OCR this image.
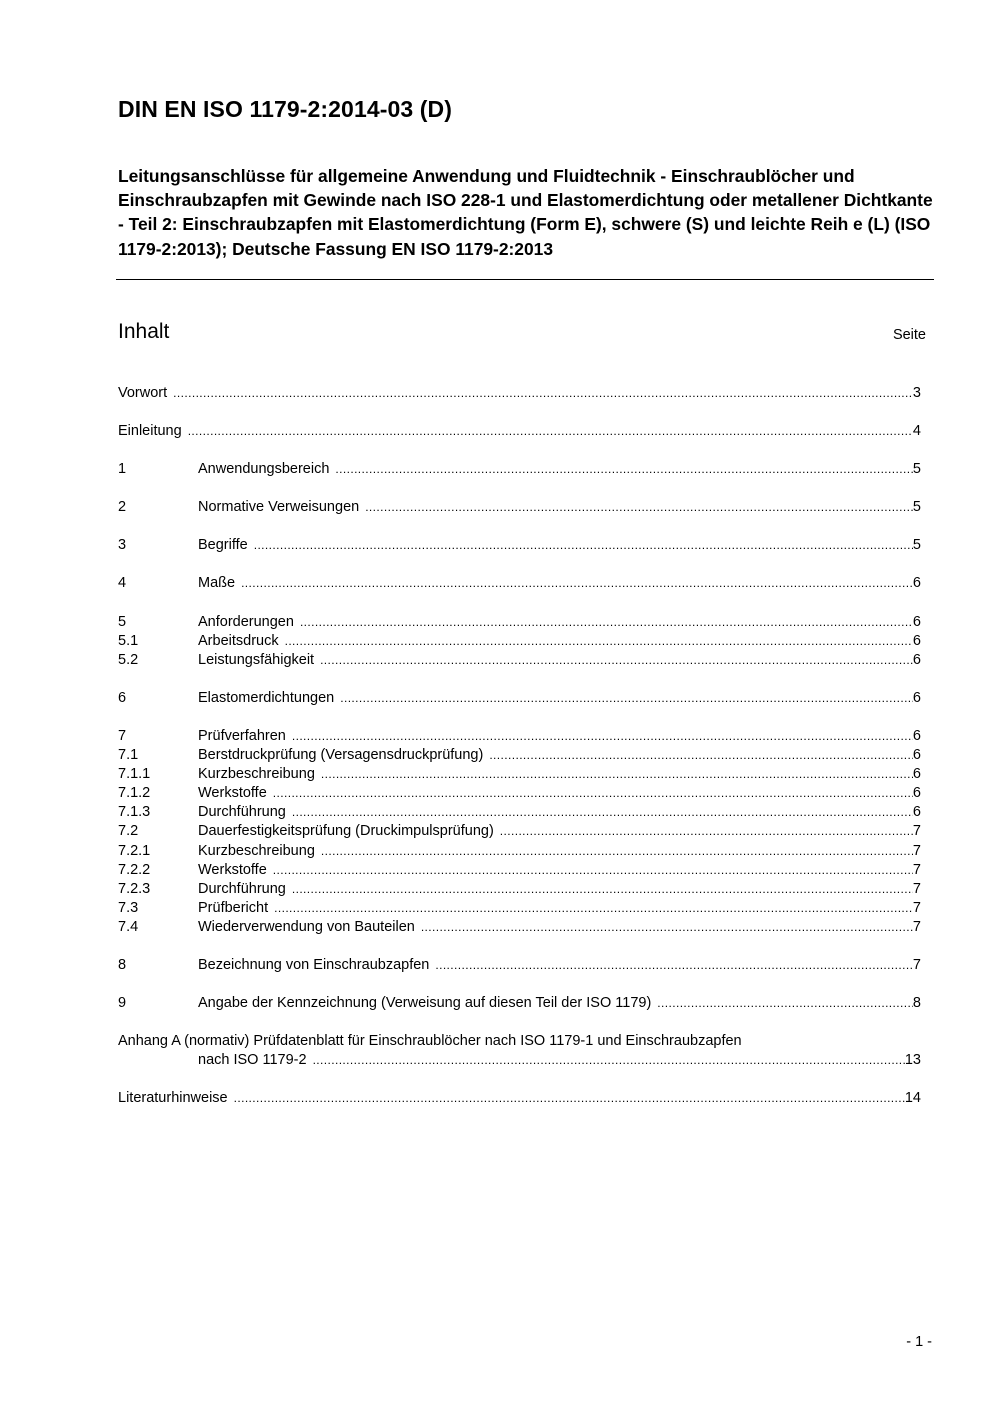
DIN EN ISO 1179-2:2014-03 (D)
Leitungsanschlüsse für allgemeine Anwendung und Fluidtechnik - Einschraublöcher und Einschraubzapfen mit Gewinde nach ISO 228-1 und Elastomerdichtung oder metallener Dichtkante - Teil 2: Einschraubzapfen mit Elastomerdichtung (Form E), schwere (S) und leichte Reih e (L) (ISO 1179-2:2013); Deutsche Fassung EN ISO 1179-2:2013
Inhalt	Seite
Vorwort .....	3
Einleitung .....	4
1	Anwendungsbereich .....	5
2	Normative Verweisungen .....	5
3	Begriffe .....	5
4	Maße .....	6
5	Anforderungen .....	6
5.1	Arbeitsdruck .....	6
5.2	Leistungsfähigkeit .....	6
6	Elastomerdichtungen .....	6
7	Prüfverfahren .....	6
7.1	Berstdruckprüfung (Versagensdruckprüfung) .....	6
7.1.1	Kurzbeschreibung .....	6
7.1.2	Werkstoffe .....	6
7.1.3	Durchführung .....	6
7.2	Dauerfestigkeitsprüfung (Druckimpulsprüfung) .....	7
7.2.1	Kurzbeschreibung .....	7
7.2.2	Werkstoffe .....	7
7.2.3	Durchführung .....	7
7.3	Prüfbericht .....	7
7.4	Wiederverwendung von Bauteilen .....	7
8	Bezeichnung von Einschraubzapfen .....	7
9	Angabe der Kennzeichnung (Verweisung auf diesen Teil der ISO 1179) .....	8
Anhang A (normativ) Prüfdatenblatt für Einschraublöcher nach ISO 1179-1 und Einschraubzapfen
nach ISO 1179-2 .....	13
Literaturhinweise .....	14
- 1 -
